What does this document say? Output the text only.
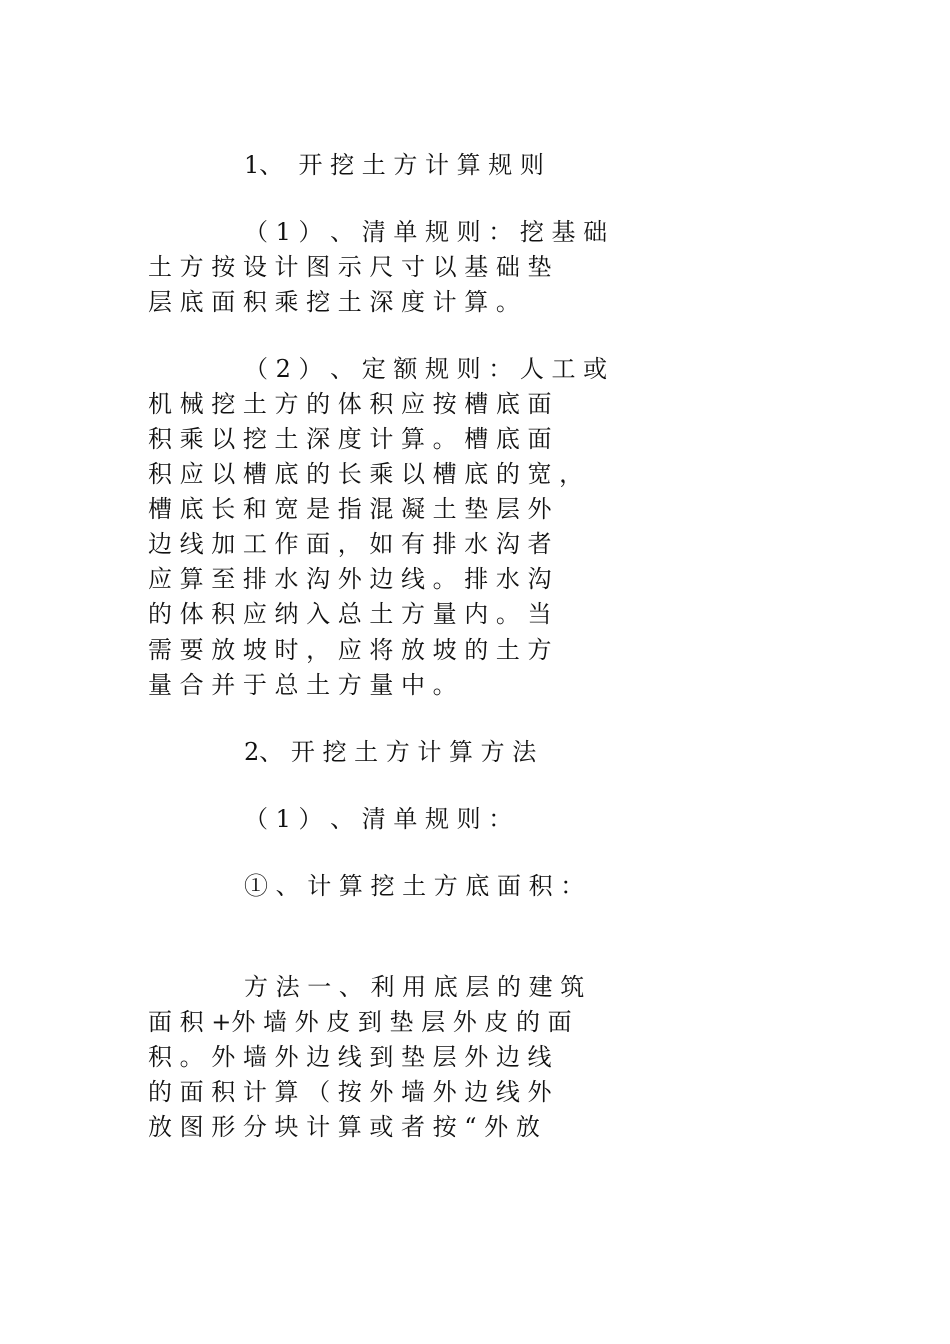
1、  开 挖 土 方 计 算 规 则
（ 1 ） 、 清 单 规 则 ： 挖 基 础
土 方 按 设 计 图 示 尺 寸 以 基 础 垫
层 底 面 积 乘 挖 土 深 度 计 算 。
（ 2 ） 、 定 额 规 则 ： 人 工 或
机 械 挖 土 方 的 体 积 应 按 槽 底 面
积 乘 以 挖 土 深 度 计 算 。 槽 底 面
积 应 以 槽 底 的 长 乘 以 槽 底 的 宽 ，
槽 底 长 和 宽 是 指 混 凝 土 垫 层 外
边 线 加 工 作 面 ， 如 有 排 水 沟 者
应 算 至 排 水 沟 外 边 线 。 排 水 沟
的 体 积 应 纳 入 总 土 方 量 内 。 当
需 要 放 坡 时 ， 应 将 放 坡 的 土 方
量 合 并 于 总 土 方 量 中 。
2、 开 挖 土 方 计 算 方 法
（ 1 ） 、 清 单 规 则 ：
① 、 计 算 挖 土 方 底 面 积 ：
方 法 一 、 利 用 底 层 的 建 筑
面 积 +外 墙 外 皮 到 垫 层 外 皮 的 面
积 。 外 墙 外 边 线 到 垫 层 外 边 线
的 面 积 计 算 （ 按 外 墙 外 边 线 外
放 图 形 分 块 计 算 或 者 按 “ 外 放
